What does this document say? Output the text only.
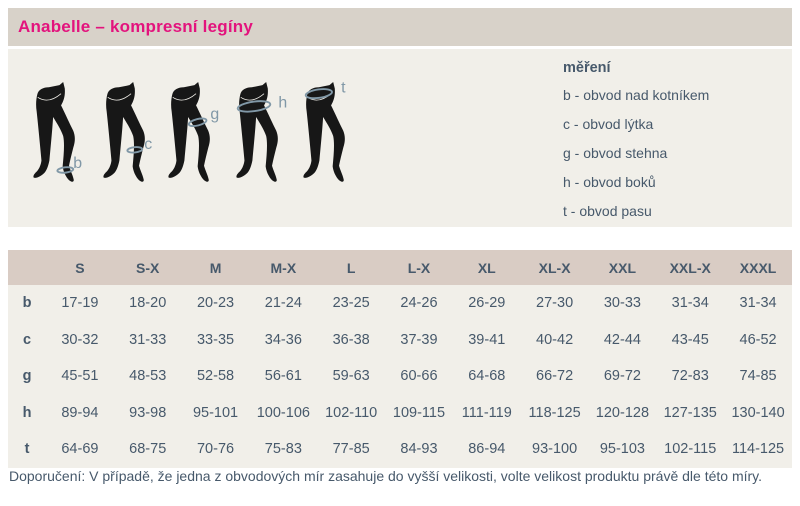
Anabelle – kompresní legíny
b
c
g
h
t

měření

b - obvod nad kotníkem
c - obvod lýtka
g - obvod stehna
h - obvod boků
t - obvod pasu
	S	S-X	M	M-X	L	L-X	XL	XL-X	XXL	XXL-X	XXXL
b	17-19	18-20	20-23	21-24	23-25	24-26	26-29	27-30	30-33	31-34	31-34
c	30-32	31-33	33-35	34-36	36-38	37-39	39-41	40-42	42-44	43-45	46-52
g	45-51	48-53	52-58	56-61	59-63	60-66	64-68	66-72	69-72	72-83	74-85
h	89-94	93-98	95-101	100-106	102-110	109-115	111-119	118-125	120-128	127-135	130-140
t	64-69	68-75	70-76	75-83	77-85	84-93	86-94	93-100	95-103	102-115	114-125

Doporučení: V případě, že jedna z obvodových mír zasahuje do vyšší velikosti, volte velikost produktu právě dle této míry.
